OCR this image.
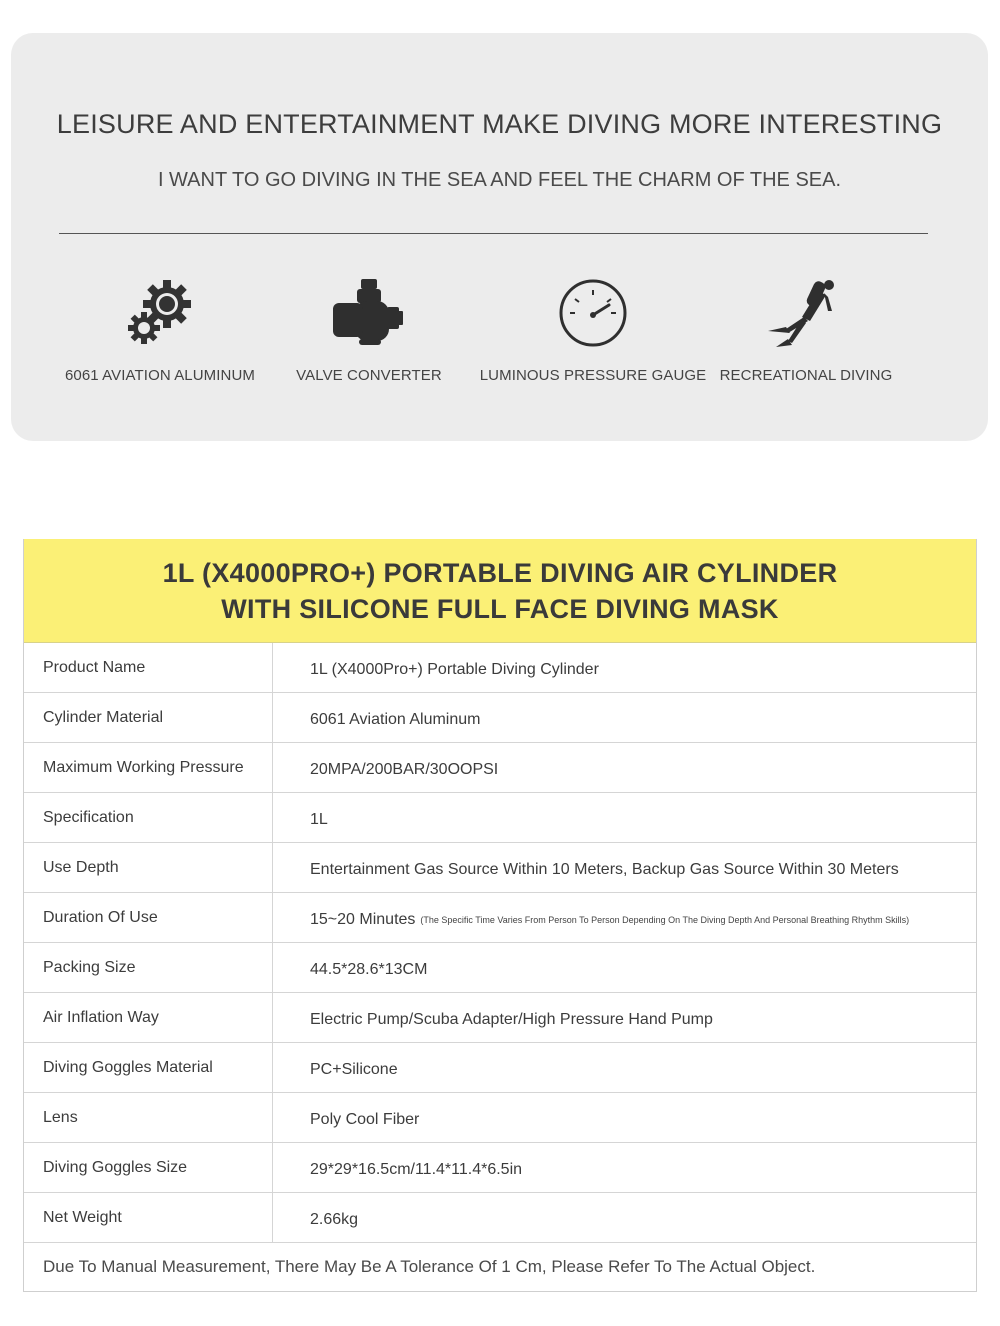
LEISURE AND ENTERTAINMENT MAKE DIVING MORE INTERESTING

I WANT TO GO DIVING IN THE SEA AND FEEL THE CHARM OF THE SEA.

6061 AVIATION ALUMINUM	VALVE CONVERTER	LUMINOUS PRESSURE GAUGE RECREATIONAL DIVING
1L (X4000PRO+) PORTABLE DIVING AIR CYLINDER
WITH SILICONE FULL FACE DIVING MASK
Product Name	1L (X4000Pro+) Portable Diving Cylinder
Cylinder Material	6061 Aviation Aluminum
Maximum Working Pressure	20MPA/200BAR/30OOPSI
Specification	1L
Use Depth	Entertainment Gas Source Within 10 Meters, Backup Gas Source Within 30 Meters
Duration Of Use	15~20 Minutes (The Specific Time Varies From Person To Person Depending On The Diving Depth And Personal Breathing Rhythm Skills)
Packing Size	44.5*28.6*13CM
Air Inflation Way	Electric Pump/Scuba Adapter/High Pressure Hand Pump
Diving Goggles Material	PC+Silicone
Lens	Poly Cool Fiber
Diving Goggles Size	29*29*16.5cm/11.4*11.4*6.5in
Net Weight	2.66kg
Due To Manual Measurement, There May Be A Tolerance Of 1 Cm, Please Refer To The Actual Object.
